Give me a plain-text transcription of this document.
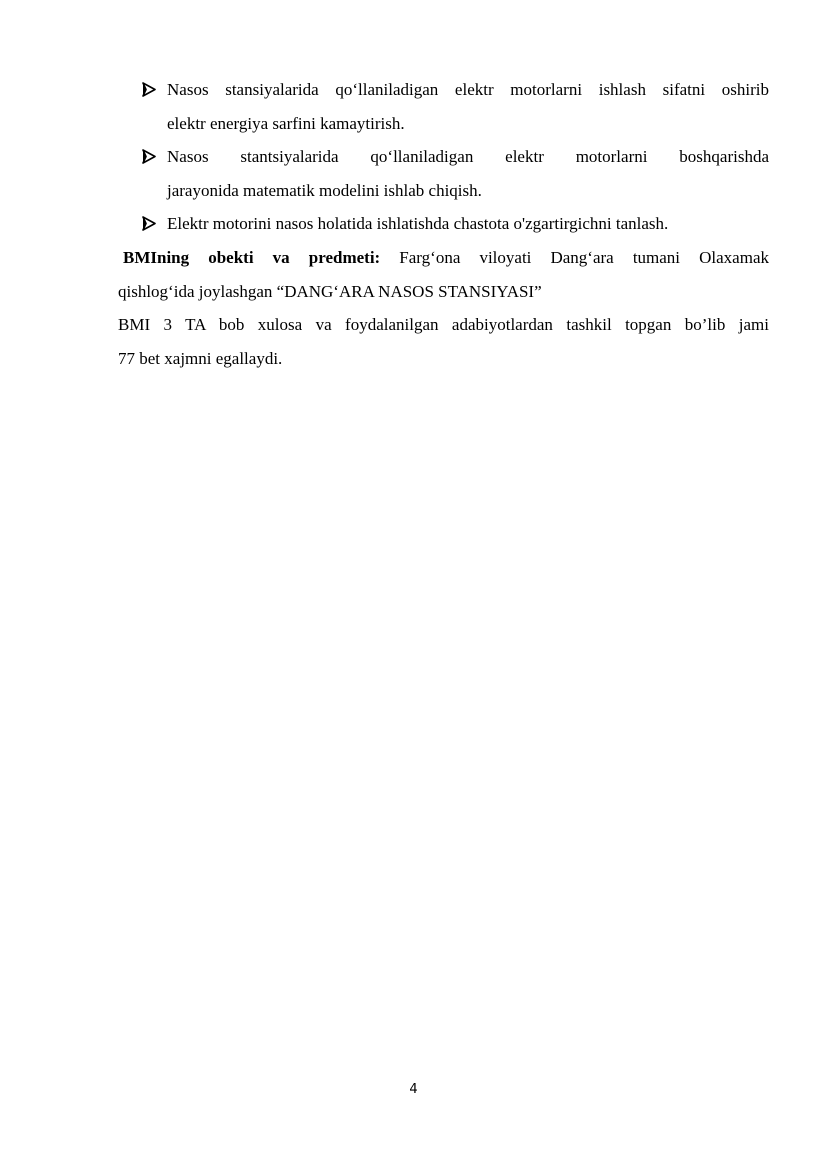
Nasos stansiyalarida qo‘llaniladigan elektr motorlarni ishlash sifatni oshirib
elektr energiya sarfini kamaytirish.
Nasos stantsiyalarida qo‘llaniladigan elektr motorlarni boshqarishda
jarayonida matematik modelini ishlab chiqish.
Elektr motorini nasos holatida ishlatishda chastota o'zgartirgichni tanlash.

BMIning obekti va predmeti: Farg‘ona viloyati Dang‘ara tumani Olaxamak
qishlog‘ida joylashgan “DANG‘ARA NASOS STANSIYASI”

BMI 3 TA bob xulosa va foydalanilgan adabiyotlardan tashkil topgan bo’lib jami
77 bet xajmni egallaydi.

4
